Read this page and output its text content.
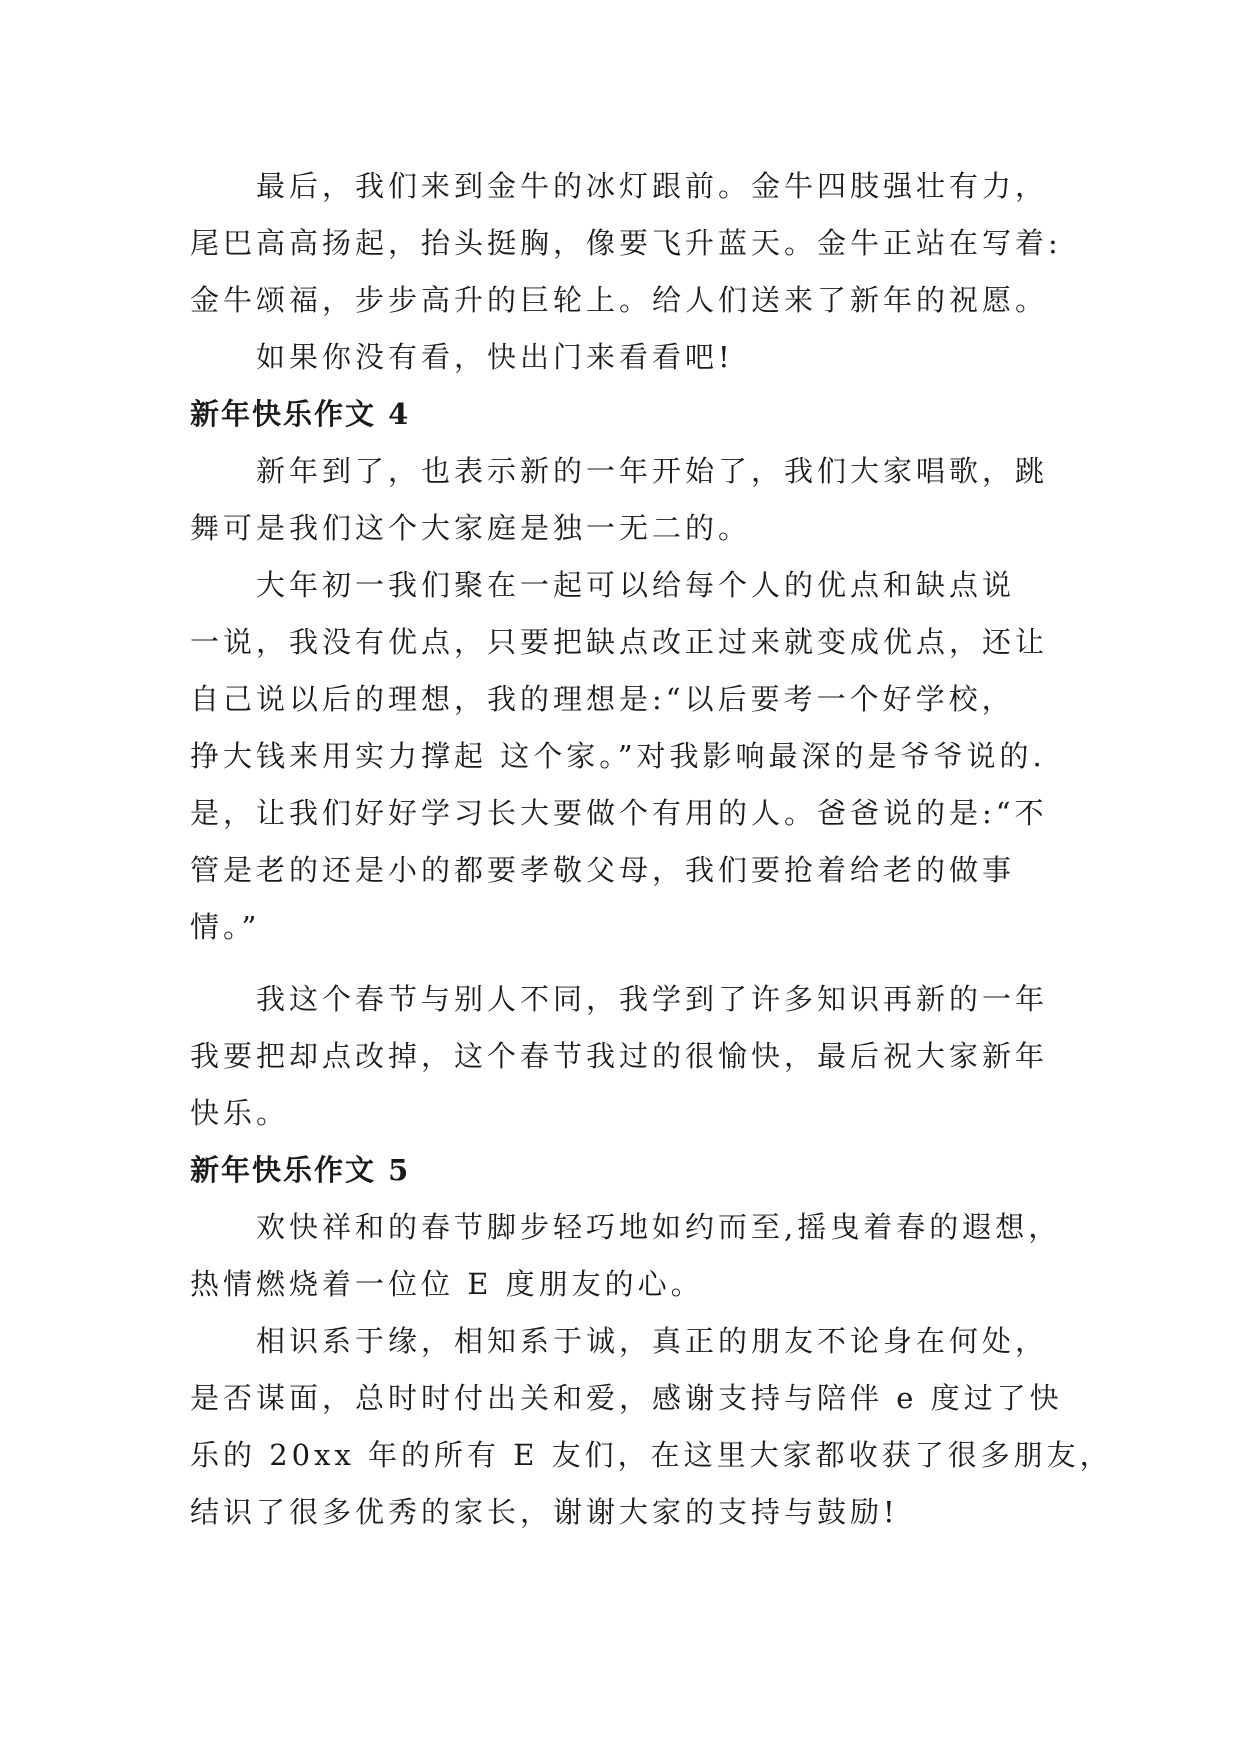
最后，我们来到金牛的冰灯跟前。金牛四肢强壮有力，

尾巴高高扬起，抬头挺胸，像要飞升蓝天。金牛正站在写着:

金牛颂福，步步高升的巨轮上。给人们送来了新年的祝愿。

如果你没有看，快出门来看看吧!

新年快乐作文 4

新年到了，也表示新的一年开始了，我们大家唱歌，跳

舞可是我们这个大家庭是独一无二的。

大年初一我们聚在一起可以给每个人的优点和缺点说

一说，我没有优点，只要把缺点改正过来就变成优点，还让

自己说以后的理想，我的理想是:“以后要考一个好学校，

挣大钱来用实力撑起 这个家。”对我影响最深的是爷爷说的.

是，让我们好好学习长大要做个有用的人。爸爸说的是:“不

管是老的还是小的都要孝敬父母，我们要抢着给老的做事

情。”

我这个春节与别人不同，我学到了许多知识再新的一年

我要把却点改掉，这个春节我过的很愉快，最后祝大家新年

快乐。

新年快乐作文 5

欢快祥和的春节脚步轻巧地如约而至,摇曳着春的遐想，

热情燃烧着一位位 E 度朋友的心。

相识系于缘，相知系于诚，真正的朋友不论身在何处，

是否谋面，总时时付出关和爱，感谢支持与陪伴 e 度过了快

乐的 20xx 年的所有 E 友们，在这里大家都收获了很多朋友，

结识了很多优秀的家长，谢谢大家的支持与鼓励!
